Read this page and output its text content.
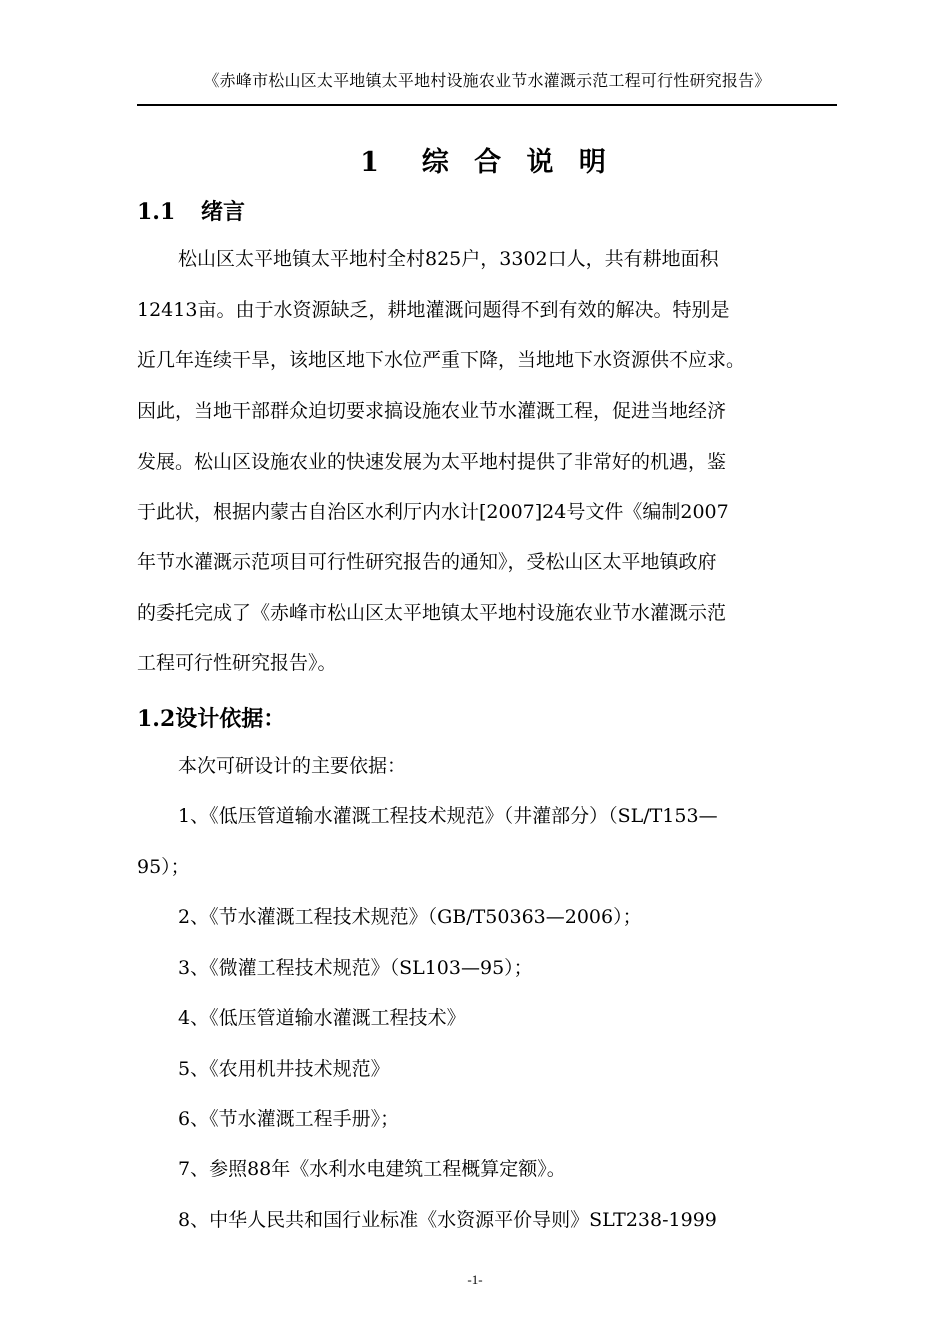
《赤峰市松山区太平地镇太平地村设施农业节水灌溉示范工程可行性研究报告》
1 综 合 说 明
1.1 绪言
松山区太平地镇太平地村全村825户，3302口人，共有耕地面积
12413亩。由于水资源缺乏，耕地灌溉问题得不到有效的解决。特别是
近几年连续干旱，该地区地下水位严重下降，当地地下水资源供不应求。
因此，当地干部群众迫切要求搞设施农业节水灌溉工程，促进当地经济
发展。松山区设施农业的快速发展为太平地村提供了非常好的机遇，鉴
于此状，根据内蒙古自治区水利厅内水计[2007]24号文件《编制2007
年节水灌溉示范项目可行性研究报告的通知》，受松山区太平地镇政府
的委托完成了《赤峰市松山区太平地镇太平地村设施农业节水灌溉示范
工程可行性研究报告》。
1.2设计依据：
本次可研设计的主要依据：
1、《低压管道输水灌溉工程技术规范》（井灌部分）（SL/T153—
95）；
2、《节水灌溉工程技术规范》（GB/T50363—2006）；
3、《微灌工程技术规范》（SL103—95）；
4、《低压管道输水灌溉工程技术》
5、《农用机井技术规范》
6、《节水灌溉工程手册》；
7、参照88年《水利水电建筑工程概算定额》。
8、中华人民共和国行业标准《水资源平价导则》SLT238-1999
-1-
